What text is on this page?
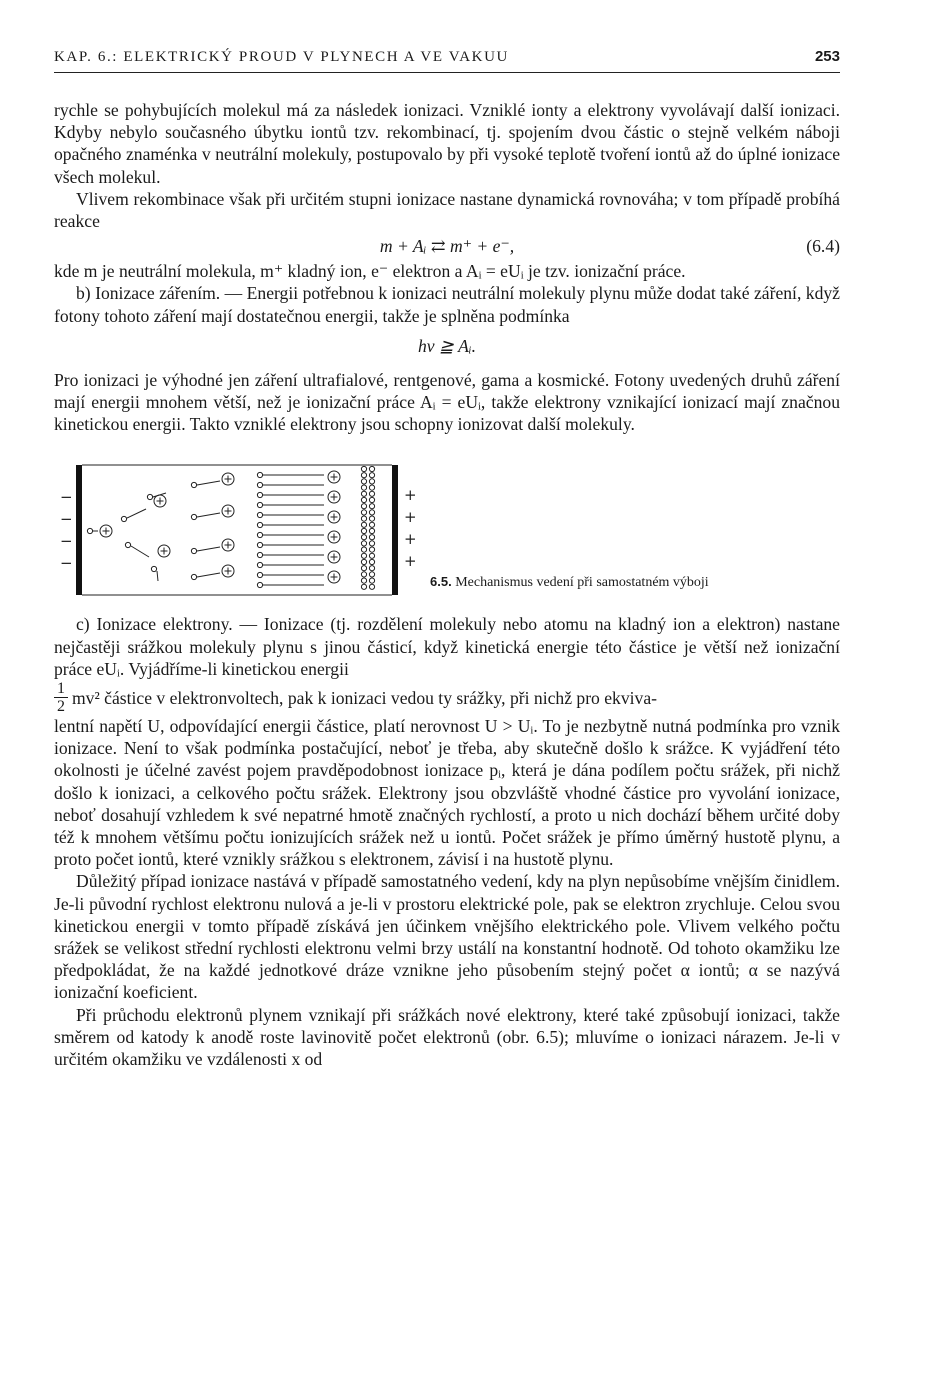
KAP. 6.: ELEKTRICKÝ PROUD V PLYNECH A VE VAKUU	253

rychle se pohybujících molekul má za následek ionizaci. Vzniklé ionty a elektrony vyvolávají další ionizaci. Kdyby nebylo současného úbytku iontů tzv. rekombinací, tj. spojením dvou částic o stejně velkém náboji opačného znaménka v neutrální molekuly, postupovalo by při vysoké teplotě tvoření iontů až do úplné ionizace všech molekul.

Vlivem rekombinace však při určitém stupni ionizace nastane dynamická rovnováha; v tom případě probíhá reakce

m + Aᵢ ⇄ m⁺ + e⁻,	(6.4)

kde m je neutrální molekula, m⁺ kladný ion, e⁻ elektron a Aᵢ = eUᵢ je tzv. ionizační práce.

b) Ionizace zářením. — Energii potřebnou k ionizaci neutrální molekuly plynu může dodat také záření, když fotony tohoto záření mají dostatečnou energii, takže je splněna podmínka

hν ≧ Aᵢ.

Pro ionizaci je výhodné jen záření ultrafialové, rentgenové, gama a kosmické. Fotony uvedených druhů záření mají energii mnohem větší, než je ionizační práce Aᵢ = eUᵢ, takže elektrony vznikající ionizací mají značnou kinetickou energii. Takto vzniklé elektrony jsou schopny ionizovat další molekuly.

−
−
−
−
+
+
+
+
6.5. Mechanismus vedení při samostatném výboji

c) Ionizace elektrony. — Ionizace (tj. rozdělení molekuly nebo atomu na kladný ion a elektron) nastane nejčastěji srážkou molekuly plynu s jinou částicí, když kinetická energie této částice je větší než ionizační práce eUᵢ. Vyjádříme-li kinetickou energii

$\frac{1}{2} mv^2$ částice v elektronvoltech, pak k ionizaci vedou ty srážky, při nichž pro ekviva-

lentní napětí U, odpovídající energii částice, platí nerovnost U > Uᵢ. To je nezbytně nutná podmínka pro vznik ionizace. Není to však podmínka postačující, neboť je třeba, aby skutečně došlo k srážce. K vyjádření této okolnosti je účelné zavést pojem pravděpodobnost ionizace pᵢ, která je dána podílem počtu srážek, při nichž došlo k ionizaci, a celkového počtu srážek. Elektrony jsou obzvláště vhodné částice pro vyvolání ionizace, neboť dosahují vzhledem k své nepatrné hmotě značných rychlostí, a proto u nich dochází během určité doby též k mnohem většímu počtu ionizujících srážek než u iontů. Počet srážek je přímo úměrný hustotě plynu, a proto počet iontů, které vznikly srážkou s elektronem, závisí i na hustotě plynu.

Důležitý případ ionizace nastává v případě samostatného vedení, kdy na plyn nepůsobíme vnějším činidlem. Je-li původní rychlost elektronu nulová a je-li v prostoru elektrické pole, pak se elektron zrychluje. Celou svou kinetickou energii v tomto případě získává jen účinkem vnějšího elektrického pole. Vlivem velkého počtu srážek se velikost střední rychlosti elektronu velmi brzy ustálí na konstantní hodnotě. Od tohoto okamžiku lze předpokládat, že na každé jednotkové dráze vznikne jeho působením stejný počet α iontů; α se nazývá ionizační koeficient.

Při průchodu elektronů plynem vznikají při srážkách nové elektrony, které také způsobují ionizaci, takže směrem od katody k anodě roste lavinovitě počet elektronů (obr. 6.5); mluvíme o ionizaci nárazem. Je-li v určitém okamžiku ve vzdálenosti x od
